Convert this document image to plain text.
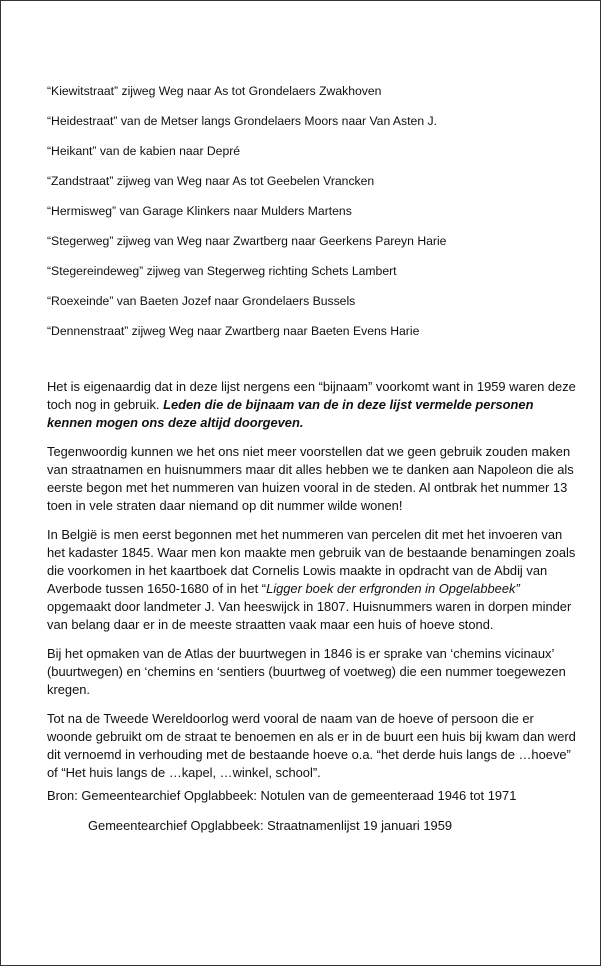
“Kiewitstraat” zijweg Weg naar As tot Grondelaers Zwakhoven
“Heidestraat” van de Metser langs Grondelaers Moors naar Van Asten J.
“Heikant” van de kabien naar Depré
“Zandstraat” zijweg van Weg naar As tot Geebelen Vrancken
“Hermisweg” van Garage Klinkers naar Mulders Martens
“Stegerweg” zijweg van Weg naar Zwartberg naar Geerkens Pareyn Harie
“Stegereindeweg” zijweg van Stegerweg richting Schets Lambert
“Roexeinde” van Baeten Jozef naar Grondelaers Bussels
“Dennenstraat” zijweg Weg naar Zwartberg naar Baeten Evens Harie

Het is eigenaardig dat in deze lijst nergens een “bijnaam” voorkomt want in 1959 waren deze toch nog in gebruik. Leden die de bijnaam van de in deze lijst vermelde personen kennen mogen ons deze altijd doorgeven.

Tegenwoordig kunnen we het ons niet meer voorstellen dat we geen gebruik zouden maken van straatnamen en huisnummers maar dit alles hebben we te danken aan Napoleon die als eerste begon met het nummeren van huizen vooral in de steden. Al ontbrak het nummer 13 toen in vele straten daar niemand op dit nummer wilde wonen!

In België is men eerst begonnen met het nummeren van percelen dit met het invoeren van het kadaster 1845. Waar men kon maakte men gebruik van de bestaande benamingen zoals die voorkomen in het kaartboek dat Cornelis Lowis maakte in opdracht van de Abdij van Averbode tussen 1650-1680 of in het “Ligger boek der erfgronden in Opgelabbeek” opgemaakt door landmeter J. Van heeswijck in 1807. Huisnummers waren in dorpen minder van belang daar er in de meeste straatten vaak maar een huis of hoeve stond.

Bij het opmaken van de Atlas der buurtwegen in 1846 is er sprake van ‘chemins vicinaux’ (buurtwegen) en ‘chemins en ‘sentiers (buurtweg of voetweg) die een nummer toegewezen kregen.

Tot na de Tweede Wereldoorlog werd vooral de naam van de hoeve of persoon die er woonde gebruikt om de straat te benoemen en als er in de buurt een huis bij kwam dan werd dit vernoemd in verhouding met de bestaande hoeve o.a. “het derde huis langs de …hoeve” of “Het huis langs de …kapel, …winkel, school”.

Bron: Gemeentearchief Opglabbeek: Notulen van de gemeenteraad 1946 tot 1971

Gemeentearchief Opglabbeek: Straatnamenlijst 19 januari 1959
